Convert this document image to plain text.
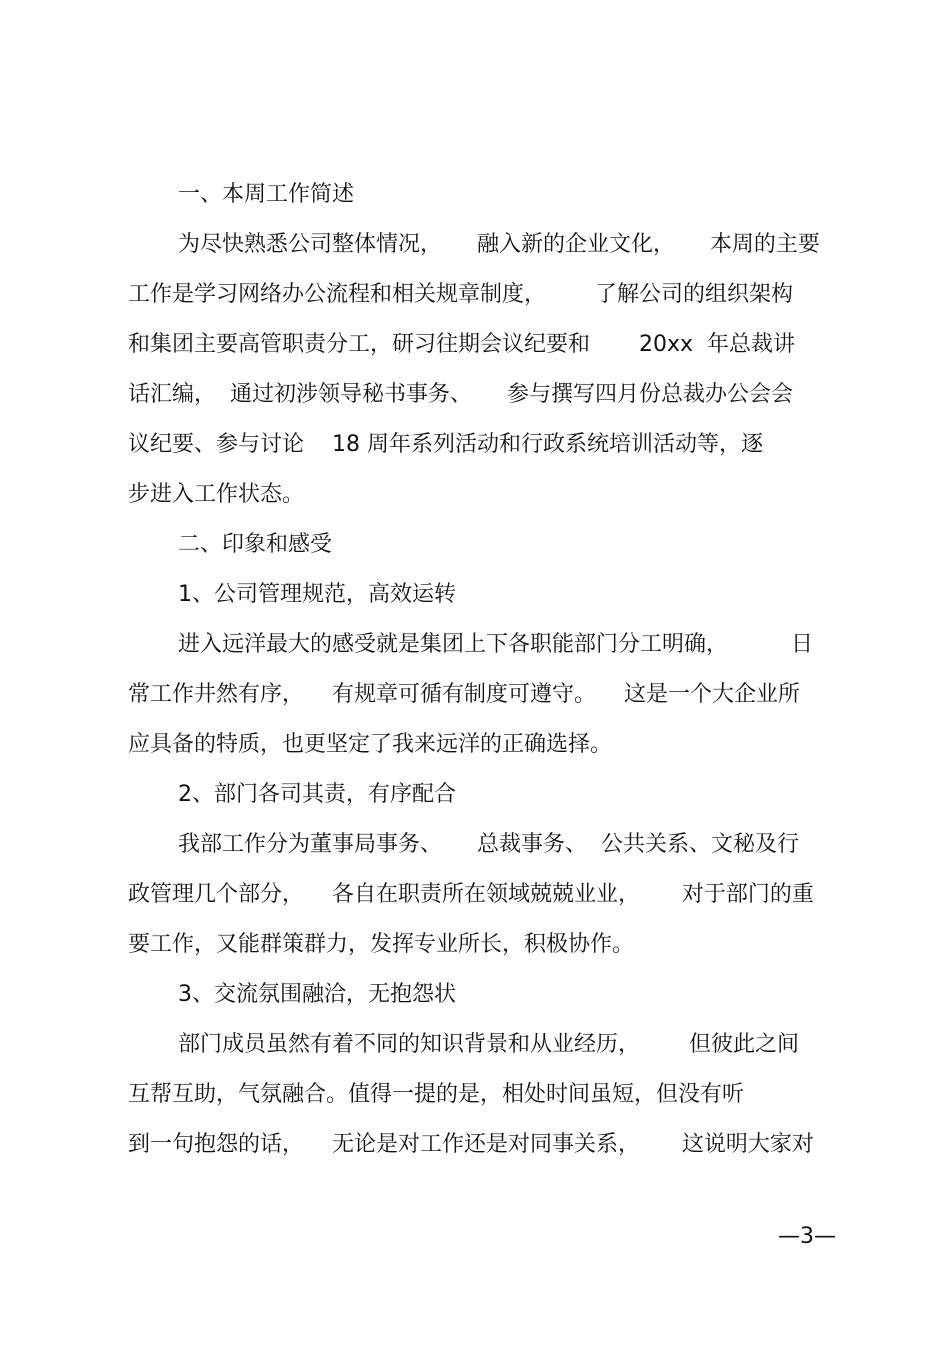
一、本周工作简述
为尽快熟悉公司整体情况，     融入新的企业文化，     本周的主要
工作是学习网络办公流程和相关规章制度，       了解公司的组织架构
和集团主要高管职责分工，研习往期会议纪要和       20xx  年总裁讲
话汇编，  通过初涉领导秘书事务、     参与撰写四月份总裁办公会会
议纪要、参与讨论    18 周年系列活动和行政系统培训活动等，逐
步进入工作状态。
二、印象和感受
1、公司管理规范，高效运转
进入远洋最大的感受就是集团上下各职能部门分工明确，         日
常工作井然有序，    有规章可循有制度可遵守。    这是一个大企业所
应具备的特质，也更坚定了我来远洋的正确选择。
2、部门各司其责，有序配合
我部工作分为董事局事务、     总裁事务、  公共关系、文秘及行
政管理几个部分，    各自在职责所在领域兢兢业业，      对于部门的重
要工作，又能群策群力，发挥专业所长，积极协作。
3、交流氛围融洽，无抱怨状
部门成员虽然有着不同的知识背景和从业经历，       但彼此之间
互帮互助，气氛融合。值得一提的是，相处时间虽短，但没有听
到一句抱怨的话，    无论是对工作还是对同事关系，      这说明大家对
—3—
